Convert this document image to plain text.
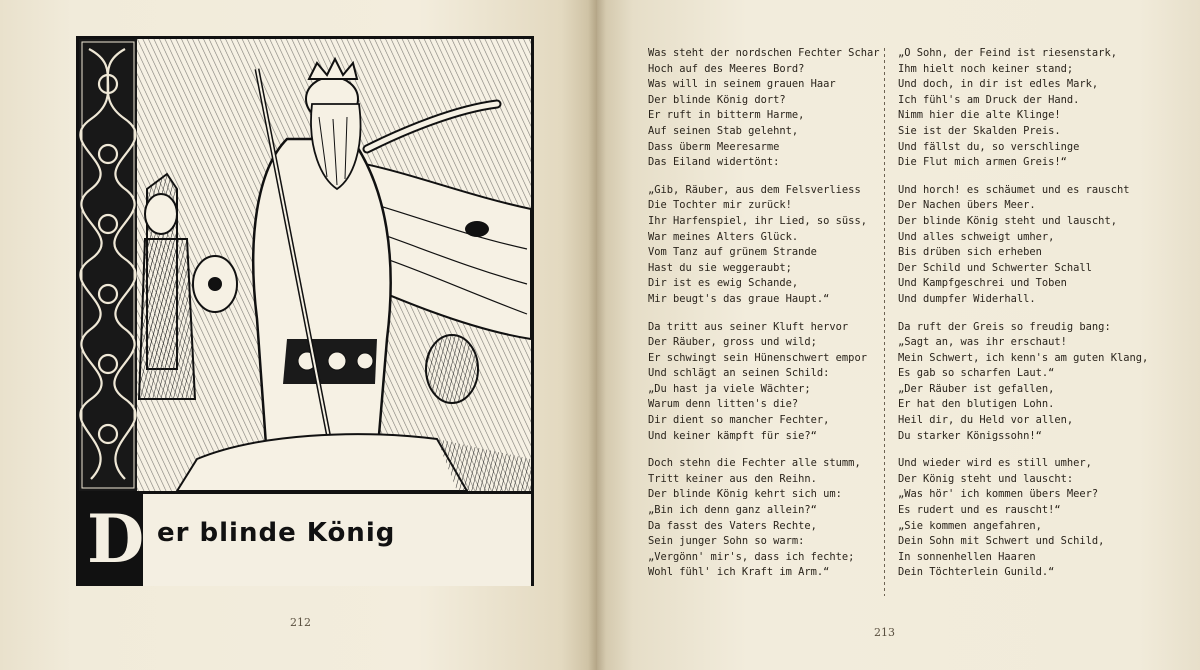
D er blinde König
212
213
Was steht der nordschen Fechter Schar
Hoch auf des Meeres Bord?
Was will in seinem grauen Haar
Der blinde König dort?
Er ruft in bitterm Harme,
Auf seinen Stab gelehnt,
Dass überm Meeresarme
Das Eiland widertönt:
„Gib, Räuber, aus dem Felsverliess
Die Tochter mir zurück!
Ihr Harfenspiel, ihr Lied, so süss,
War meines Alters Glück.
Vom Tanz auf grünem Strande
Hast du sie weggeraubt;
Dir ist es ewig Schande,
Mir beugt's das graue Haupt.“
Da tritt aus seiner Kluft hervor
Der Räuber, gross und wild;
Er schwingt sein Hünenschwert empor
Und schlägt an seinen Schild:
„Du hast ja viele Wächter;
Warum denn litten's die?
Dir dient so mancher Fechter,
Und keiner kämpft für sie?“
Doch stehn die Fechter alle stumm,
Tritt keiner aus den Reihn.
Der blinde König kehrt sich um:
„Bin ich denn ganz allein?“
Da fasst des Vaters Rechte,
Sein junger Sohn so warm:
„Vergönn' mir's, dass ich fechte;
Wohl fühl' ich Kraft im Arm.“
„O Sohn, der Feind ist riesenstark,
Ihm hielt noch keiner stand;
Und doch, in dir ist edles Mark,
Ich fühl's am Druck der Hand.
Nimm hier die alte Klinge!
Sie ist der Skalden Preis.
Und fällst du, so verschlinge
Die Flut mich armen Greis!“
Und horch! es schäumet und es rauscht
Der Nachen übers Meer.
Der blinde König steht und lauscht,
Und alles schweigt umher,
Bis drüben sich erheben
Der Schild und Schwerter Schall
Und Kampfgeschrei und Toben
Und dumpfer Widerhall.
Da ruft der Greis so freudig bang:
„Sagt an, was ihr erschaut!
Mein Schwert, ich kenn's am guten Klang,
Es gab so scharfen Laut.“
„Der Räuber ist gefallen,
Er hat den blutigen Lohn.
Heil dir, du Held vor allen,
Du starker Königssohn!“
Und wieder wird es still umher,
Der König steht und lauscht:
„Was hör' ich kommen übers Meer?
Es rudert und es rauscht!“
„Sie kommen angefahren,
Dein Sohn mit Schwert und Schild,
In sonnenhellen Haaren
Dein Töchterlein Gunild.“
